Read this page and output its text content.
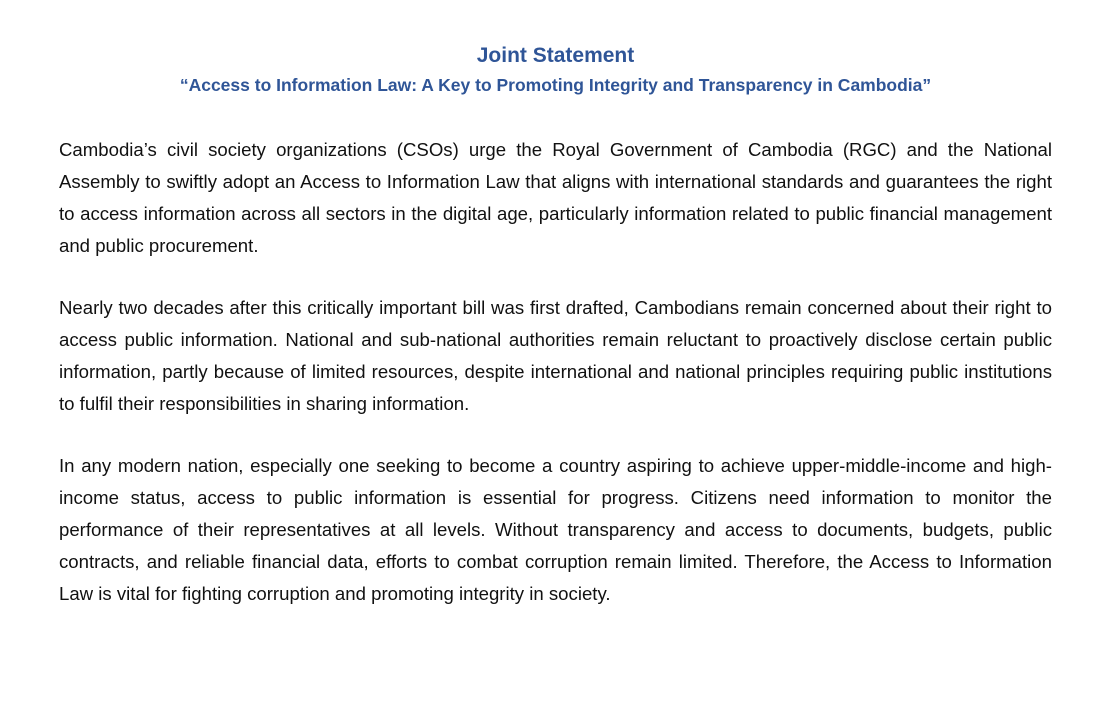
Joint Statement
“Access to Information Law: A Key to Promoting Integrity and Transparency in Cambodia”

Cambodia’s civil society organizations (CSOs) urge the Royal Government of Cambodia (RGC) and the National Assembly to swiftly adopt an Access to Information Law that aligns with international standards and guarantees the right to access information across all sectors in the digital age, particularly information related to public financial management and public procurement.

Nearly two decades after this critically important bill was first drafted, Cambodians remain concerned about their right to access public information. National and sub-national authorities remain reluctant to proactively disclose certain public information, partly because of limited resources, despite international and national principles requiring public institutions to fulfil their responsibilities in sharing information.

In any modern nation, especially one seeking to become a country aspiring to achieve upper-middle-income and high-income status, access to public information is essential for progress. Citizens need information to monitor the performance of their representatives at all levels. Without transparency and access to documents, budgets, public contracts, and reliable financial data, efforts to combat corruption remain limited. Therefore, the Access to Information Law is vital for fighting corruption and promoting integrity in society.
